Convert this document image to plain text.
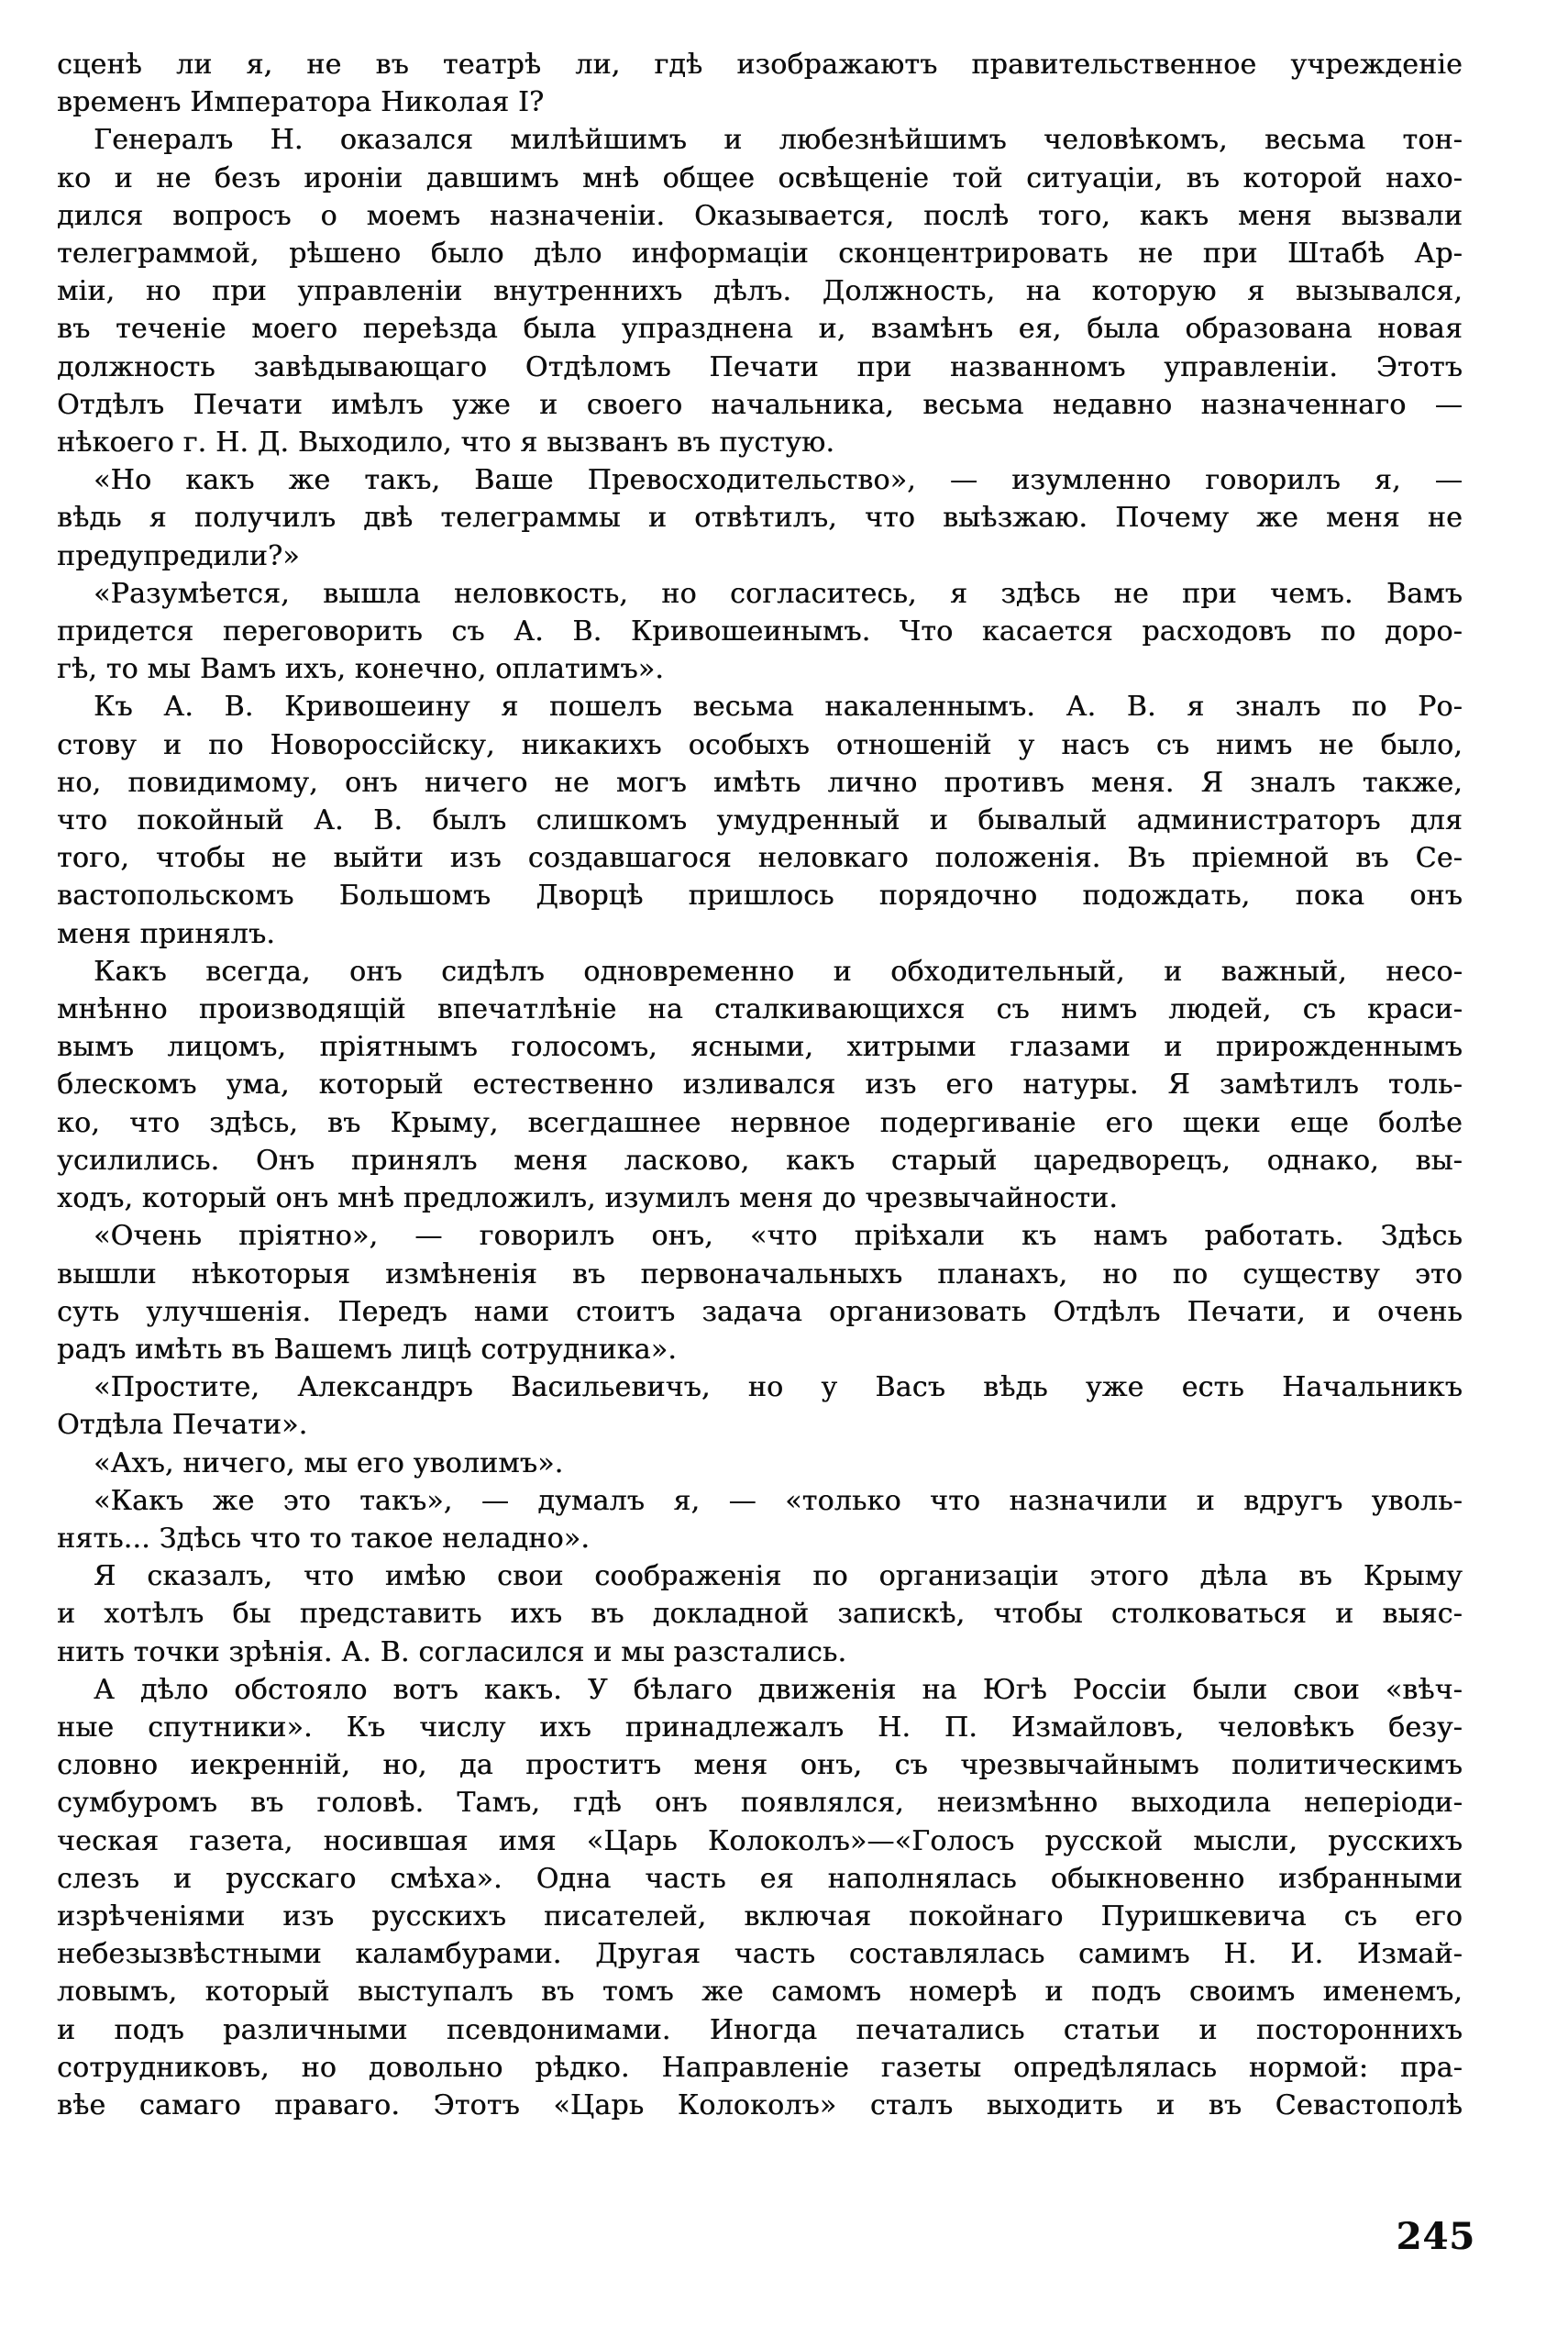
сценѣ ли я, не въ театрѣ ли, гдѣ изображаютъ правительственное учрежденіе
временъ Императора Николая I?
Генералъ Н. оказался милѣйшимъ и любезнѣйшимъ человѣкомъ, весьма тон-
ко и не безъ ироніи давшимъ мнѣ общее освѣщеніе той ситуаціи, въ которой нахо-
дился вопросъ о моемъ назначеніи. Оказывается, послѣ того, какъ меня вызвали
телеграммой, рѣшено было дѣло информаціи сконцентрировать не при Штабѣ Ар-
міи, но при управленіи внутреннихъ дѣлъ. Должность, на которую я вызывался,
въ теченіе моего переѣзда была упразднена и, взамѣнъ ея, была образована новая
должность завѣдывающаго Отдѣломъ Печати при названномъ управленіи. Этотъ
Отдѣлъ Печати имѣлъ уже и своего начальника, весьма недавно назначеннаго —
нѣкоего г. Н. Д. Выходило, что я вызванъ въ пустую.
«Но какъ же такъ, Ваше Превосходительство», — изумленно говорилъ я, —
вѣдь я получилъ двѣ телеграммы и отвѣтилъ, что выѣзжаю. Почему же меня не
предупредили?»
«Разумѣется, вышла неловкость, но согласитесь, я здѣсь не при чемъ. Вамъ
придется переговорить съ А. В. Кривошеинымъ. Что касается расходовъ по доро-
гѣ, то мы Вамъ ихъ, конечно, оплатимъ».
Къ А. В. Кривошеину я пошелъ весьма накаленнымъ. А. В. я зналъ по Ро-
стову и по Новороссійску, никакихъ особыхъ отношеній у насъ съ нимъ не было,
но, повидимому, онъ ничего не могъ имѣть лично противъ меня. Я зналъ также,
что покойный А. В. былъ слишкомъ умудренный и бывалый администраторъ для
того, чтобы не выйти изъ создавшагося неловкаго положенія. Въ пріемной въ Се-
вастопольскомъ Большомъ Дворцѣ пришлось порядочно подождать, пока онъ
меня принялъ.
Какъ всегда, онъ сидѣлъ одновременно и обходительный, и важный, несо-
мнѣнно производящій впечатлѣніе на сталкивающихся съ нимъ людей, съ краси-
вымъ лицомъ, пріятнымъ голосомъ, ясными, хитрыми глазами и прирожденнымъ
блескомъ ума, который естественно изливался изъ его натуры. Я замѣтилъ толь-
ко, что здѣсь, въ Крыму, всегдашнее нервное подергиваніе его щеки еще болѣе
усилились. Онъ принялъ меня ласково, какъ старый царедворецъ, однако, вы-
ходъ, который онъ мнѣ предложилъ, изумилъ меня до чрезвычайности.
«Очень пріятно», — говорилъ онъ, «что пріѣхали къ намъ работать. Здѣсь
вышли нѣкоторыя измѣненія въ первоначальныхъ планахъ, но по существу это
суть улучшенія. Передъ нами стоитъ задача организовать Отдѣлъ Печати, и очень
радъ имѣть въ Вашемъ лицѣ сотрудника».
«Простите, Александръ Васильевичъ, но у Васъ вѣдь уже есть Начальникъ
Отдѣла Печати».
«Ахъ, ничего, мы его уволимъ».
«Какъ же это такъ», — думалъ я, — «только что назначили и вдругъ уволь-
нять... Здѣсь что то такое неладно».
Я сказалъ, что имѣю свои соображенія по организаціи этого дѣла въ Крыму
и хотѣлъ бы представить ихъ въ докладной запискѣ, чтобы столковаться и выяс-
нить точки зрѣнія. А. В. согласился и мы разстались.
А дѣло обстояло вотъ какъ. У бѣлаго движенія на Югѣ Россіи были свои «вѣч-
ные спутники». Къ числу ихъ принадлежалъ Н. П. Измайловъ, человѣкъ безу-
словно иекренній, но, да проститъ меня онъ, съ чрезвычайнымъ политическимъ
сумбуромъ въ головѣ. Тамъ, гдѣ онъ появлялся, неизмѣнно выходила неперіоди-
ческая газета, носившая имя «Царь Колоколъ»—«Голосъ русской мысли, русскихъ
слезъ и русскаго смѣха». Одна часть ея наполнялась обыкновенно избранными
изрѣченіями изъ русскихъ писателей, включая покойнаго Пуришкевича съ его
небезызвѣстными каламбурами. Другая часть составлялась самимъ Н. И. Измай-
ловымъ, который выступалъ въ томъ же самомъ номерѣ и подъ своимъ именемъ,
и подъ различными псевдонимами. Иногда печатались статьи и постороннихъ
сотрудниковъ, но довольно рѣдко. Направленіе газеты опредѣлялась нормой: пра-
вѣе самаго праваго. Этотъ «Царь Колоколъ» сталъ выходить и въ Севастополѣ
245
